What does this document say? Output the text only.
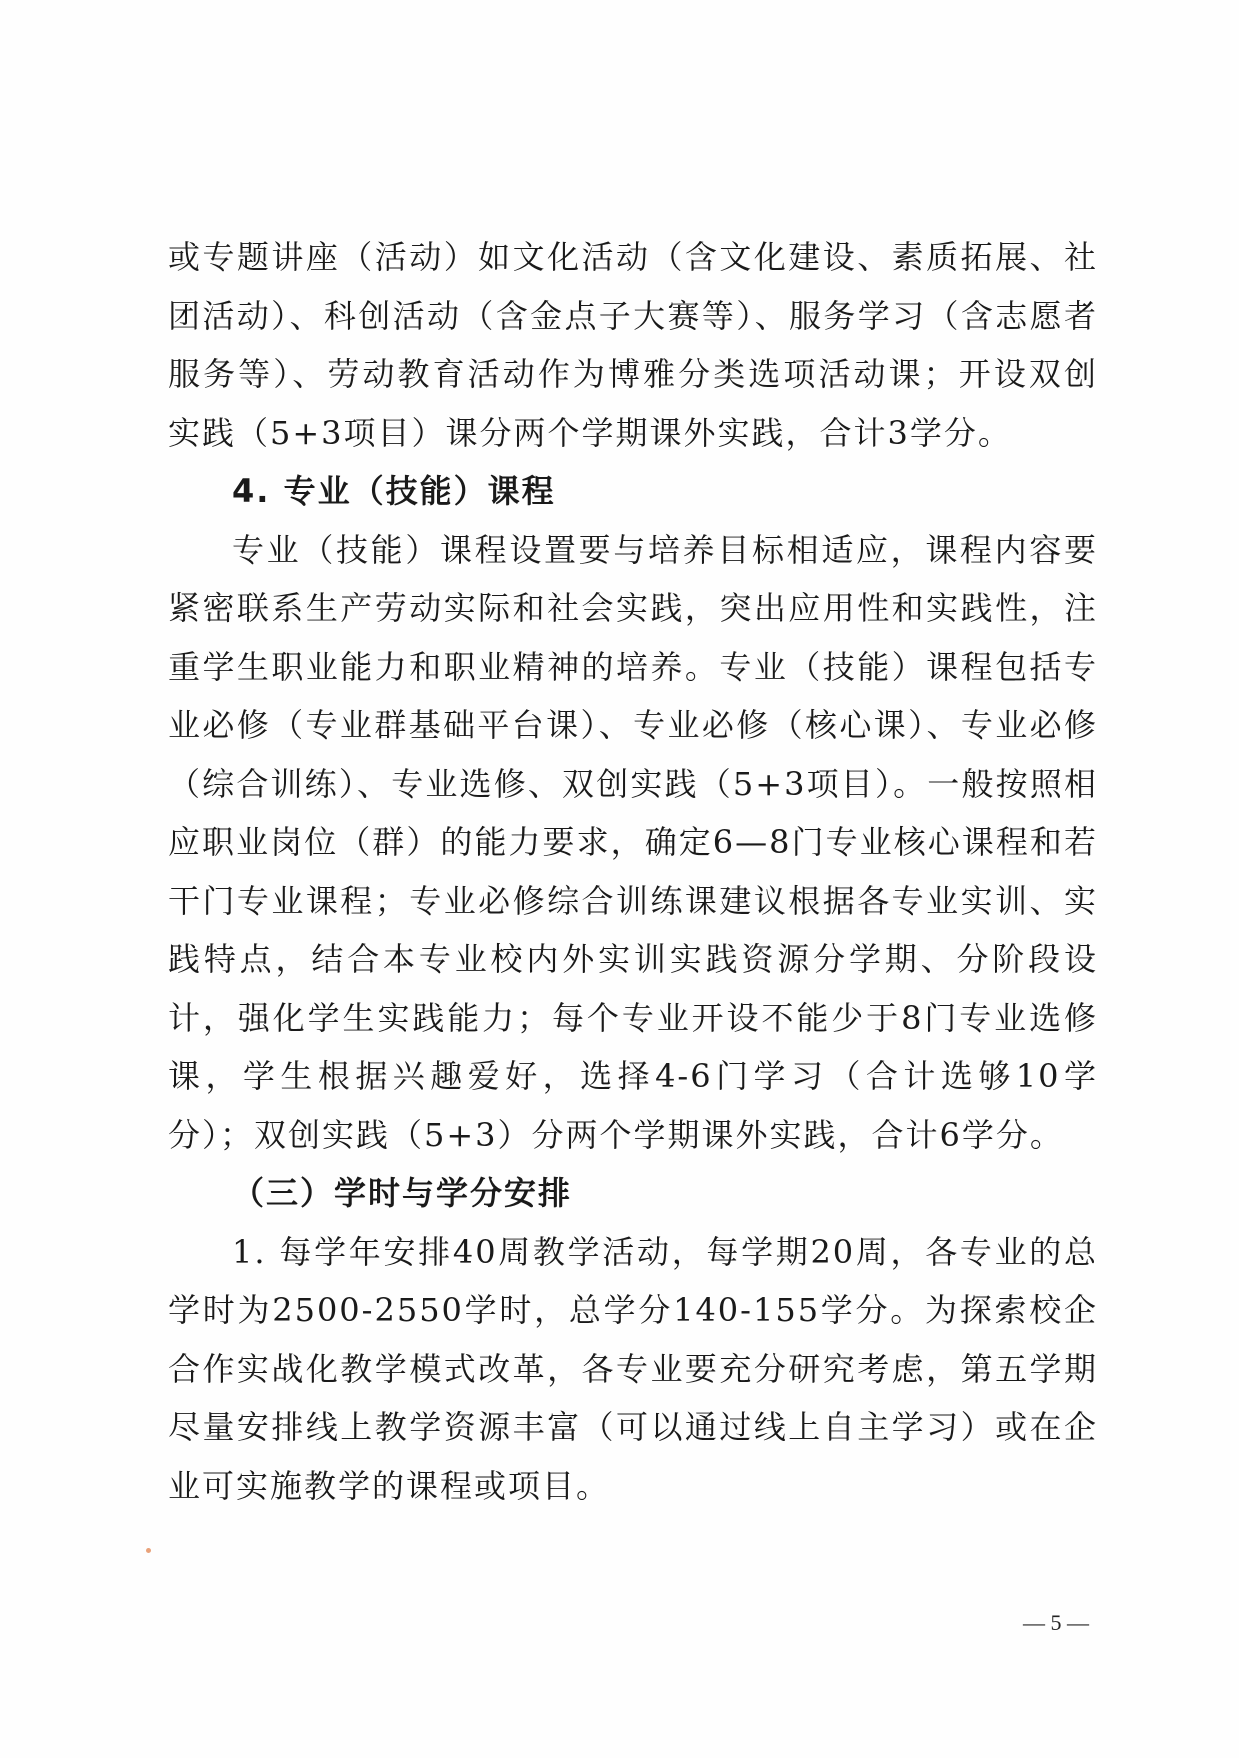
或专题讲座（活动）如文化活动（含文化建设、素质拓展、社团活动）、科创活动（含金点子大赛等）、服务学习（含志愿者服务等）、劳动教育活动作为博雅分类选项活动课；开设双创实践（5+3项目）课分两个学期课外实践，合计3学分。

4. 专业（技能）课程

专业（技能）课程设置要与培养目标相适应，课程内容要紧密联系生产劳动实际和社会实践，突出应用性和实践性，注重学生职业能力和职业精神的培养。专业（技能）课程包括专业必修（专业群基础平台课）、专业必修（核心课）、专业必修（综合训练）、专业选修、双创实践（5+3项目）。一般按照相应职业岗位（群）的能力要求，确定6—8门专业核心课程和若干门专业课程；专业必修综合训练课建议根据各专业实训、实践特点，结合本专业校内外实训实践资源分学期、分阶段设计，强化学生实践能力；每个专业开设不能少于8门专业选修课，学生根据兴趣爱好，选择4-6门学习（合计选够10学分）；双创实践（5+3）分两个学期课外实践，合计6学分。

（三）学时与学分安排

1. 每学年安排40周教学活动，每学期20周，各专业的总学时为2500-2550学时，总学分140-155学分。为探索校企合作实战化教学模式改革，各专业要充分研究考虑，第五学期尽量安排线上教学资源丰富（可以通过线上自主学习）或在企业可实施教学的课程或项目。

— 5 —
